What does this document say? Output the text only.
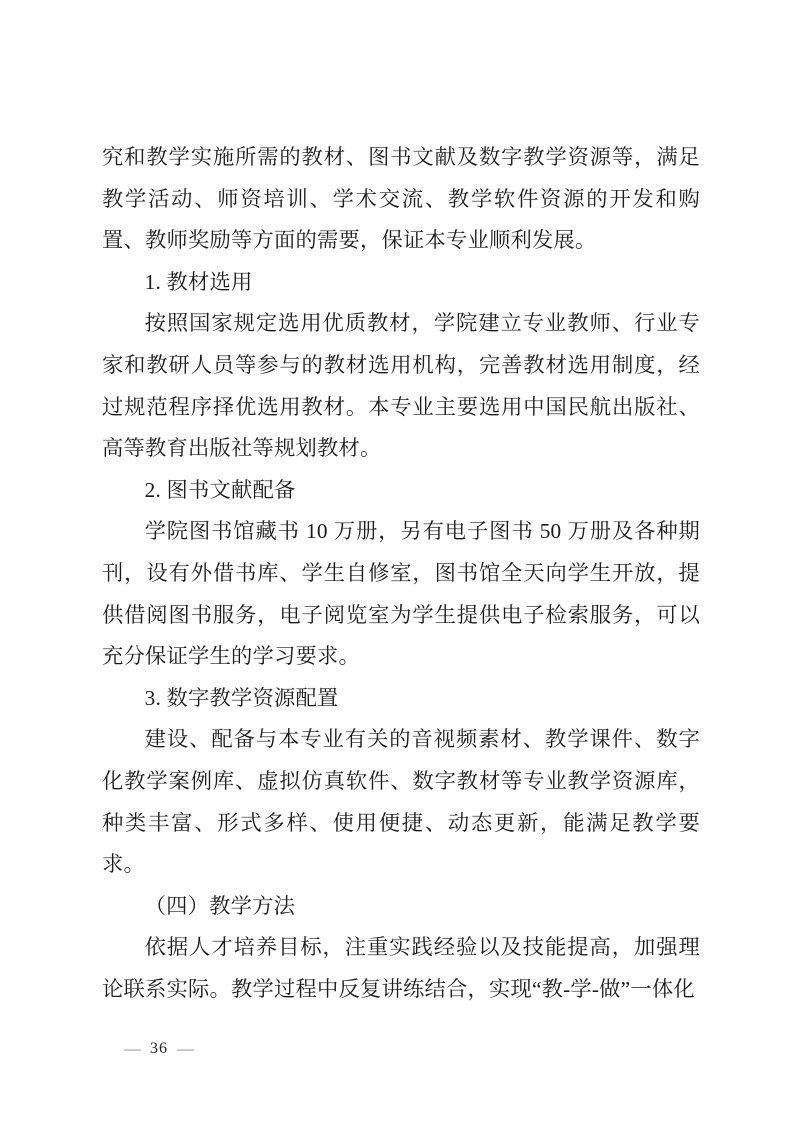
究和教学实施所需的教材、图书文献及数字教学资源等，满足教学活动、师资培训、学术交流、教学软件资源的开发和购置、教师奖励等方面的需要，保证本专业顺利发展。

1. 教材选用

按照国家规定选用优质教材，学院建立专业教师、行业专家和教研人员等参与的教材选用机构，完善教材选用制度，经过规范程序择优选用教材。本专业主要选用中国民航出版社、高等教育出版社等规划教材。

2. 图书文献配备

学院图书馆藏书 10 万册，另有电子图书 50 万册及各种期刊，设有外借书库、学生自修室，图书馆全天向学生开放，提供借阅图书服务，电子阅览室为学生提供电子检索服务，可以充分保证学生的学习要求。

3. 数字教学资源配置

建设、配备与本专业有关的音视频素材、教学课件、数字化教学案例库、虚拟仿真软件、数字教材等专业教学资源库，种类丰富、形式多样、使用便捷、动态更新，能满足教学要求。

（四）教学方法

依据人才培养目标，注重实践经验以及技能提高，加强理论联系实际。教学过程中反复讲练结合，实现“教-学-做”一体化

— 36 —
